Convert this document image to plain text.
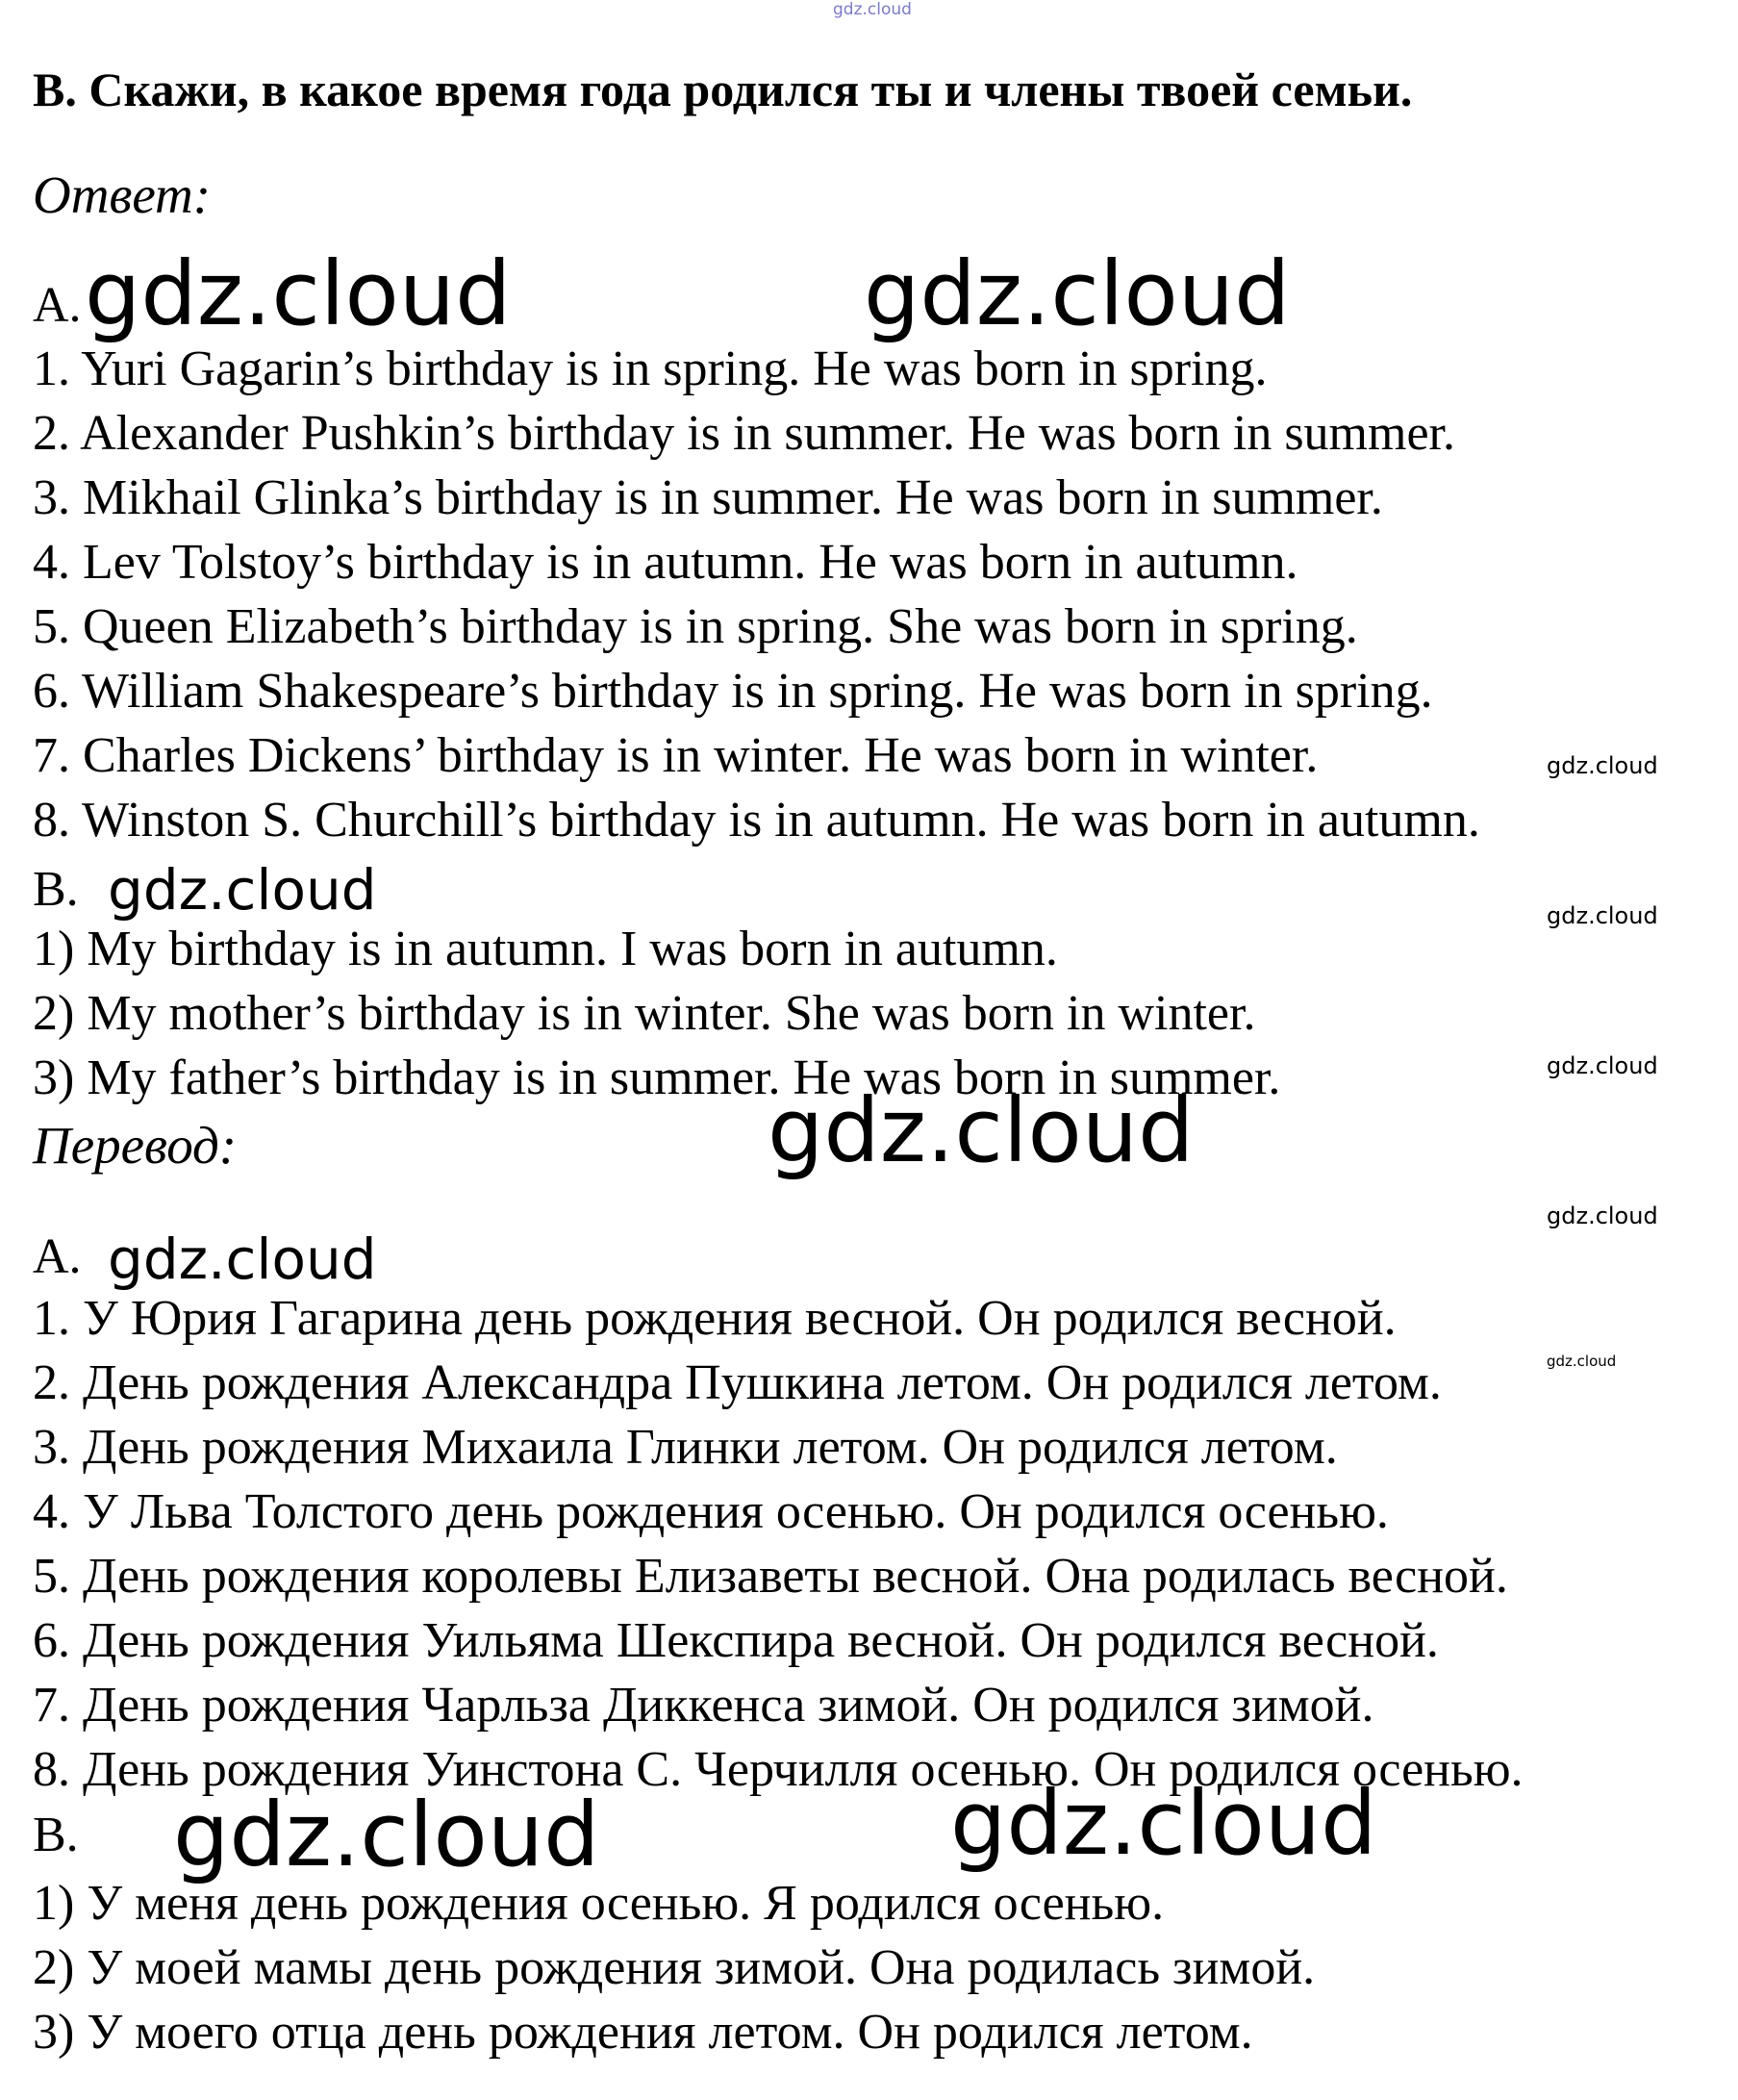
gdz.cloud
В. Скажи, в какое время года родился ты и члены твоей семьи.
Ответ:
A. gdz.cloud	gdz.cloud
1. Yuri Gagarin’s birthday is in spring. He was born in spring.
2. Alexander Pushkin’s birthday is in summer. He was born in summer.
3. Mikhail Glinka’s birthday is in summer. He was born in summer.
4. Lev Tolstoy’s birthday is in autumn. He was born in autumn.
5. Queen Elizabeth’s birthday is in spring. She was born in spring.
6. William Shakespeare’s birthday is in spring. He was born in spring.
7. Charles Dickens’ birthday is in winter. He was born in winter.	gdz.cloud
8. Winston S. Churchill’s birthday is in autumn. He was born in autumn.
B. gdz.cloud	gdz.cloud
1) My birthday is in autumn. I was born in autumn.
2) My mother’s birthday is in winter. She was born in winter.
3) My father’s birthday is in summer. He was born in summer.	gdz.cloud
Перевод:	gdz.cloud
gdz.cloud
A. gdz.cloud
1. У Юрия Гагарина день рождения весной. Он родился весной.
gdz.cloud
2. День рождения Александра Пушкина летом. Он родился летом.
3. День рождения Михаила Глинки летом. Он родился летом.
4. У Льва Толстого день рождения осенью. Он родился осенью.
5. День рождения королевы Елизаветы весной. Она родилась весной.
6. День рождения Уильяма Шекспира весной. Он родился весной.
7. День рождения Чарльза Диккенса зимой. Он родился зимой.
8. День рождения Уинстона С. Черчилля осенью. Он родился осенью.
B. gdz.cloud	gdz.cloud
1) У меня день рождения осенью. Я родился осенью.
2) У моей мамы день рождения зимой. Она родилась зимой.
3) У моего отца день рождения летом. Он родился летом.
